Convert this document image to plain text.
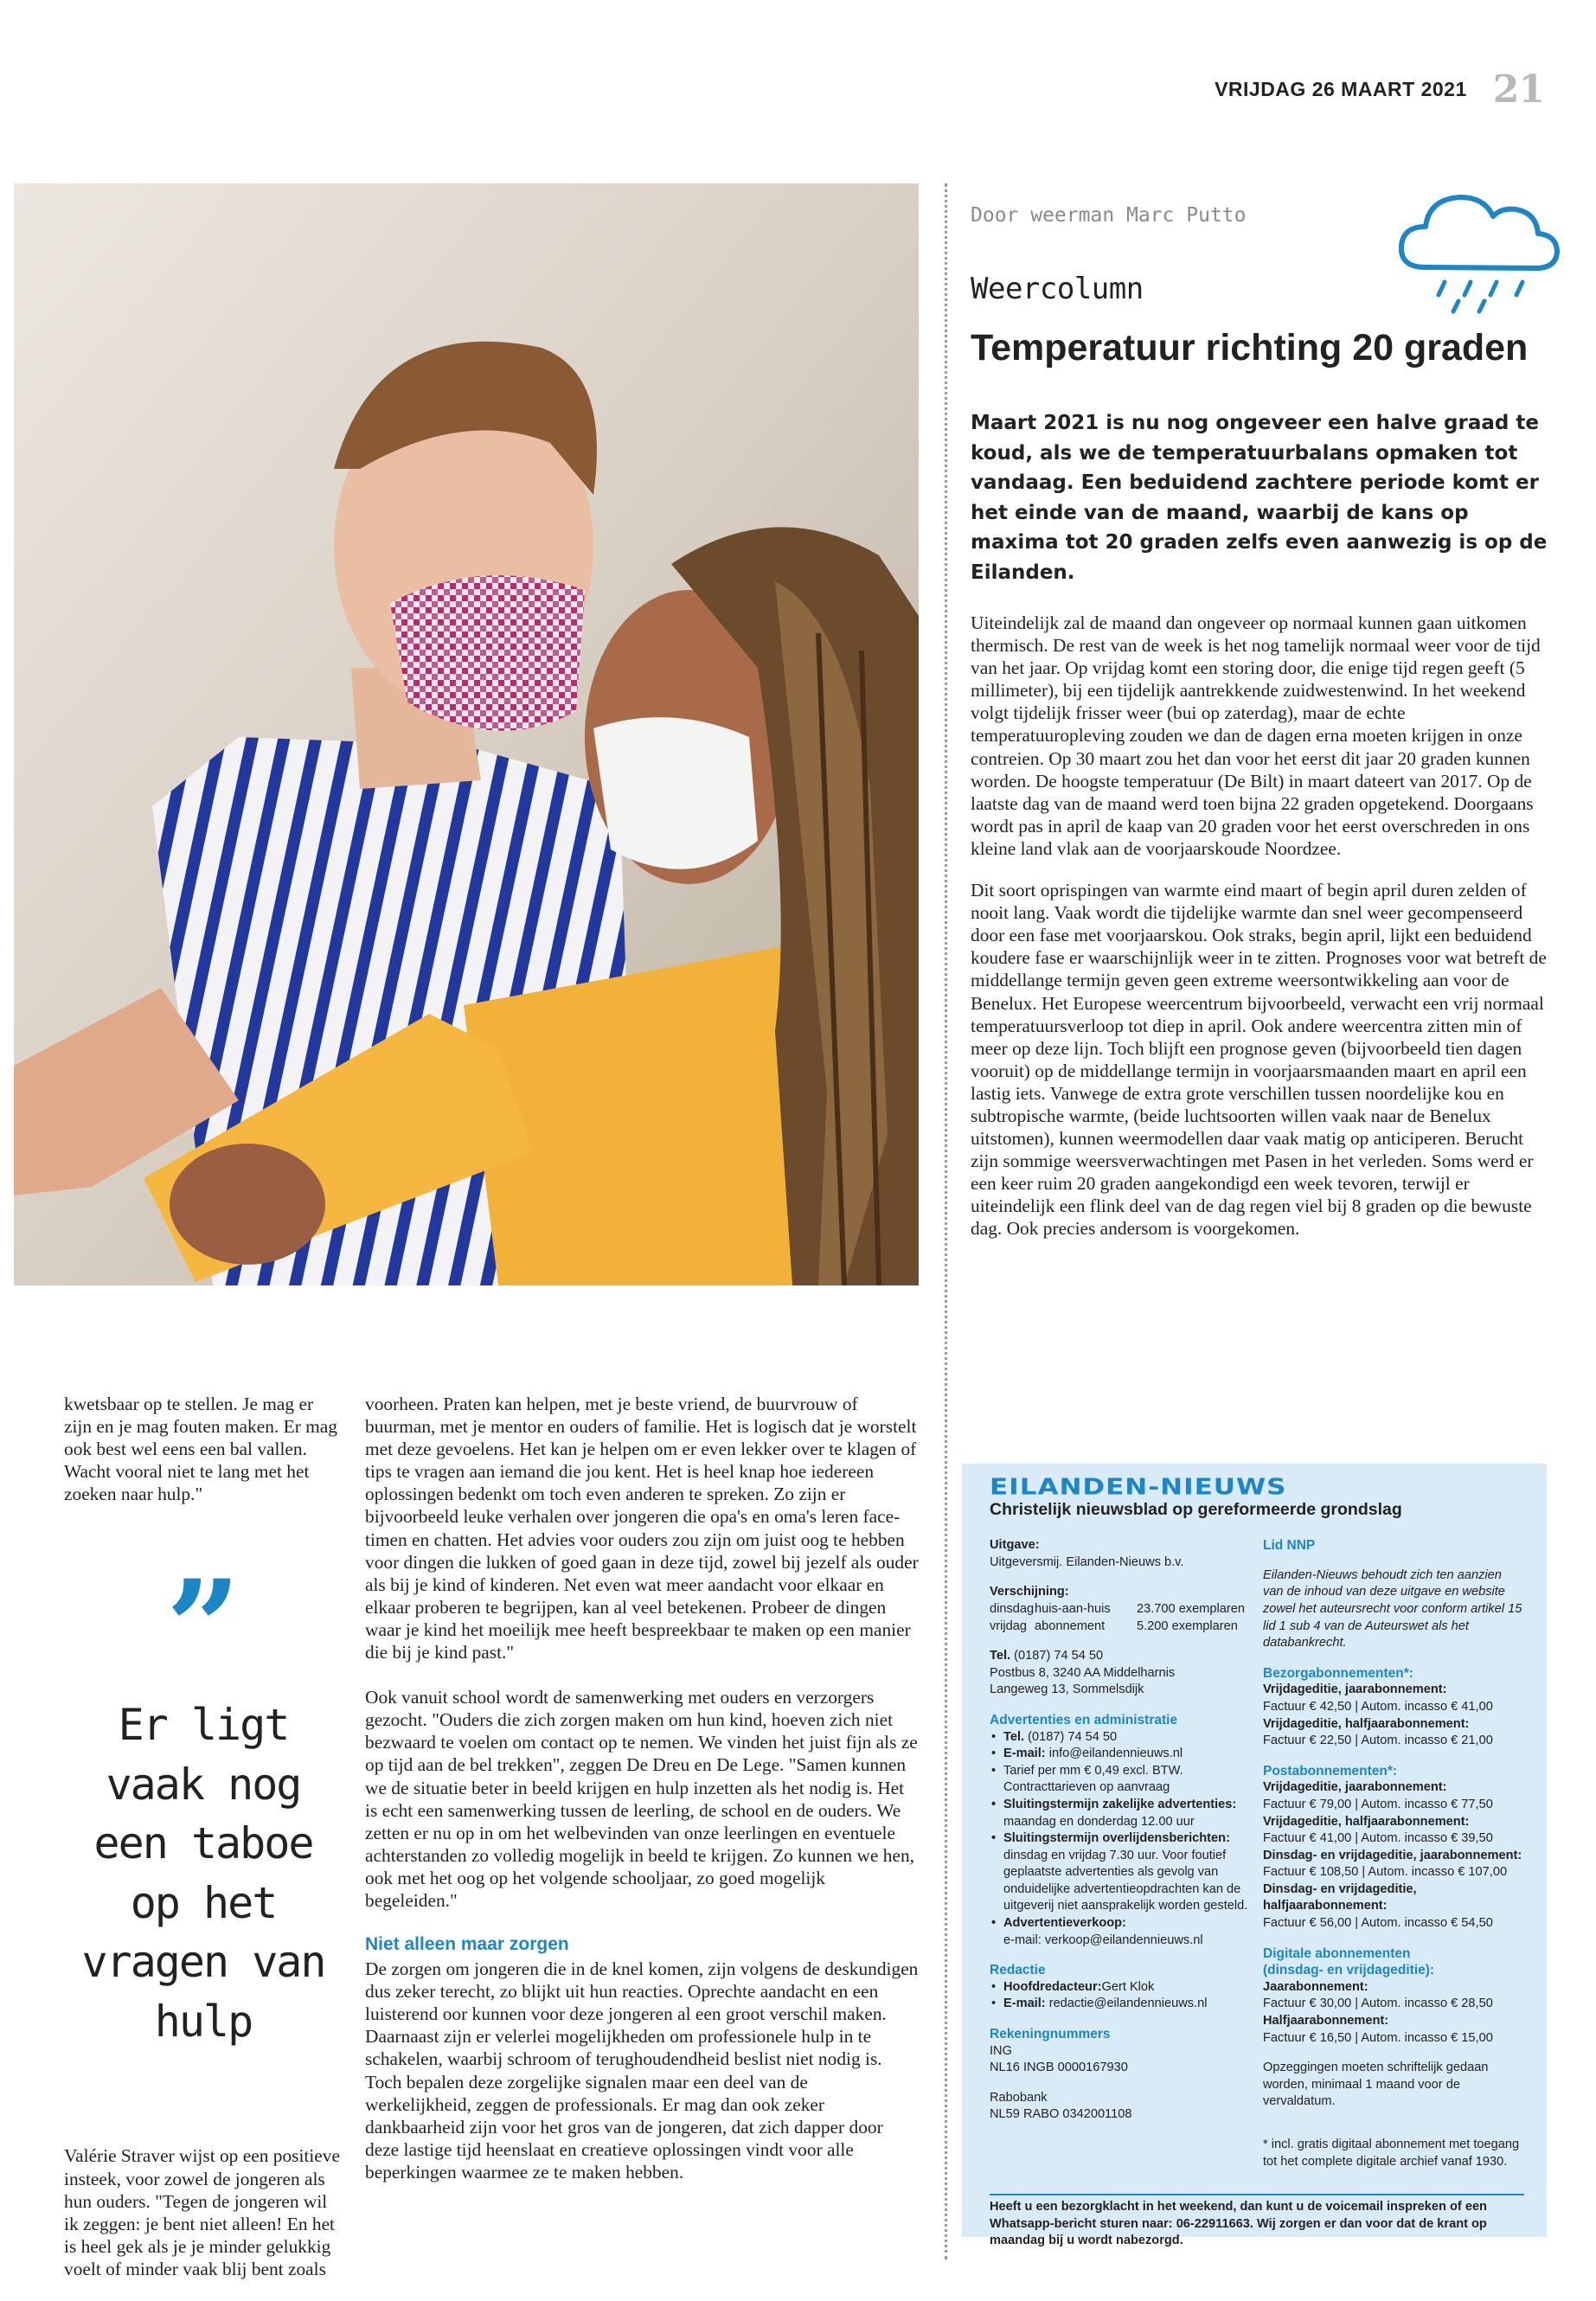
VRIJDAG 26 MAART 2021 21
Door weerman Marc Putto
Weercolumn
Temperatuur richting 20 graden

Maart 2021 is nu nog ongeveer een halve graad te koud, als we de temperatuurbalans opmaken tot vandaag. Een beduidend zachtere periode komt er het einde van de maand, waarbij de kans op maxima tot 20 graden zelfs even aanwezig is op de Eilanden.

Uiteindelijk zal de maand dan ongeveer op normaal kunnen gaan uitkomen thermisch. De rest van de week is het nog tamelijk normaal weer voor de tijd van het jaar. Op vrijdag komt een storing door, die enige tijd regen geeft (5 millimeter), bij een tijdelijk aantrekkende zuidwestenwind. In het weekend volgt tijdelijk frisser weer (bui op zaterdag), maar de echte temperatuuropleving zouden we dan de dagen erna moeten krijgen in onze contreien. Op 30 maart zou het dan voor het eerst dit jaar 20 graden kunnen worden. De hoogste temperatuur (De Bilt) in maart dateert van 2017. Op de laatste dag van de maand werd toen bijna 22 graden opgetekend. Doorgaans wordt pas in april de kaap van 20 graden voor het eerst overschreden in ons kleine land vlak aan de voorjaarskoude Noordzee.

Dit soort oprispingen van warmte eind maart of begin april duren zelden of nooit lang. Vaak wordt die tijdelijke warmte dan snel weer gecompenseerd door een fase met voorjaarskou. Ook straks, begin april, lijkt een beduidend koudere fase er waarschijnlijk weer in te zitten. Prognoses voor wat betreft de middellange termijn geven geen extreme weersontwikkeling aan voor de Benelux. Het Europese weercentrum bijvoorbeeld, verwacht een vrij normaal temperatuursverloop tot diep in april. Ook andere weercentra zitten min of meer op deze lijn. Toch blijft een prognose geven (bijvoorbeeld tien dagen vooruit) op de middellange termijn in voorjaarsmaanden maart en april een lastig iets. Vanwege de extra grote verschillen tussen noordelijke kou en subtropische warmte, (beide luchtsoorten willen vaak naar de Benelux uitstomen), kunnen weermodellen daar vaak matig op anticiperen. Berucht zijn sommige weersverwachtingen met Pasen in het verleden. Soms werd er een keer ruim 20 graden aangekondigd een week tevoren, terwijl er uiteindelijk een flink deel van de dag regen viel bij 8 graden op die bewuste dag. Ook precies andersom is voorgekomen.

kwetsbaar op te stellen. Je mag er zijn en je mag fouten maken. Er mag ook best wel eens een bal vallen. Wacht vooral niet te lang met het zoeken naar hulp."

”
Er ligt vaak nog een taboe op het vragen van hulp

Valérie Straver wijst op een positieve insteek, voor zowel de jongeren als hun ouders. "Tegen de jongeren wil ik zeggen: je bent niet alleen! En het is heel gek als je je minder gelukkig voelt of minder vaak blij bent zoals

voorheen. Praten kan helpen, met je beste vriend, de buurvrouw of buurman, met je mentor en ouders of familie. Het is logisch dat je worstelt met deze gevoelens. Het kan je helpen om er even lekker over te klagen of tips te vragen aan iemand die jou kent. Het is heel knap hoe iedereen oplossingen bedenkt om toch even anderen te spreken. Zo zijn er bijvoorbeeld leuke verhalen over jongeren die opa's en oma's leren face-timen en chatten. Het advies voor ouders zou zijn om juist oog te hebben voor dingen die lukken of goed gaan in deze tijd, zowel bij jezelf als ouder als bij je kind of kinderen. Net even wat meer aandacht voor elkaar en elkaar proberen te begrijpen, kan al veel betekenen. Probeer de dingen waar je kind het moeilijk mee heeft bespreekbaar te maken op een manier die bij je kind past."

Ook vanuit school wordt de samenwerking met ouders en verzorgers gezocht. "Ouders die zich zorgen maken om hun kind, hoeven zich niet bezwaard te voelen om contact op te nemen. We vinden het juist fijn als ze op tijd aan de bel trekken", zeggen De Dreu en De Lege. "Samen kunnen we de situatie beter in beeld krijgen en hulp inzetten als het nodig is. Het is echt een samenwerking tussen de leerling, de school en de ouders. We zetten er nu op in om het welbevinden van onze leerlingen en eventuele achterstanden zo volledig mogelijk in beeld te krijgen. Zo kunnen we hen, ook met het oog op het volgende schooljaar, zo goed mogelijk begeleiden."

Niet alleen maar zorgen

De zorgen om jongeren die in de knel komen, zijn volgens de deskundigen dus zeker terecht, zo blijkt uit hun reacties. Oprechte aandacht en een luisterend oor kunnen voor deze jongeren al een groot verschil maken. Daarnaast zijn er velerlei mogelijkheden om professionele hulp in te schakelen, waarbij schroom of terughoudendheid beslist niet nodig is. Toch bepalen deze zorgelijke signalen maar een deel van de werkelijkheid, zeggen de professionals. Er mag dan ook zeker dankbaarheid zijn voor het gros van de jongeren, dat zich dapper door deze lastige tijd heenslaat en creatieve oplossingen vindt voor alle beperkingen waarmee ze te maken hebben.

EILANDEN-NIEUWS
Christelijk nieuwsblad op gereformeerde grondslag
Uitgave:
Uitgeversmij. Eilanden-Nieuws b.v.
Verschijning:
dinsdag huis-aan-huis	23.700 exemplaren
vrijdag abonnement	5.200 exemplaren
Tel. (0187) 74 54 50
Postbus 8, 3240 AA Middelharnis
Langeweg 13, Sommelsdijk
Advertenties en administratie
• Tel. (0187) 74 54 50
• E-mail: info@eilandennieuws.nl
• Tarief per mm € 0,49 excl. BTW.
Contracttarieven op aanvraag
• Sluitingstermijn zakelijke advertenties:
maandag en donderdag 12.00 uur
• Sluitingstermijn overlijdensberichten:
dinsdag en vrijdag 7.30 uur. Voor foutief
geplaatste advertenties als gevolg van
onduidelijke advertentieopdrachten kan de
uitgeverij niet aansprakelijk worden gesteld.
• Advertentieverkoop:
e-mail: verkoop@eilandennieuws.nl
Redactie
• Hoofdredacteur:Gert Klok
• E-mail: redactie@eilandennieuws.nl
Rekeningnummers
ING
NL16 INGB 0000167930
Rabobank
NL59 RABO 0342001108
Lid NNP
Eilanden-Nieuws behoudt zich ten aanzien van de inhoud van deze uitgave en website zowel het auteursrecht voor conform artikel 15 lid 1 sub 4 van de Auteurswet als het databankrecht.
Bezorgabonnementen*:
Vrijdageditie, jaarabonnement:
Factuur € 42,50 | Autom. incasso € 41,00
Vrijdageditie, halfjaarabonnement:
Factuur € 22,50 | Autom. incasso € 21,00
Postabonnementen*:
Vrijdageditie, jaarabonnement:
Factuur € 79,00 | Autom. incasso € 77,50
Vrijdageditie, halfjaarabonnement:
Factuur € 41,00 | Autom. incasso € 39,50
Dinsdag- en vrijdageditie, jaarabonnement:
Factuur € 108,50 | Autom. incasso € 107,00
Dinsdag- en vrijdageditie, halfjaarabonnement:
Factuur € 56,00 | Autom. incasso € 54,50
Digitale abonnementen
(dinsdag- en vrijdageditie):
Jaarabonnement:
Factuur € 30,00 | Autom. incasso € 28,50
Halfjaarabonnement:
Factuur € 16,50 | Autom. incasso € 15,00
Opzeggingen moeten schriftelijk gedaan worden, minimaal 1 maand voor de vervaldatum.
* incl. gratis digitaal abonnement met toegang tot het complete digitale archief vanaf 1930.
Heeft u een bezorgklacht in het weekend, dan kunt u de voicemail inspreken of een Whatsapp-bericht sturen naar: 06-22911663. Wij zorgen er dan voor dat de krant op maandag bij u wordt nabezorgd.
